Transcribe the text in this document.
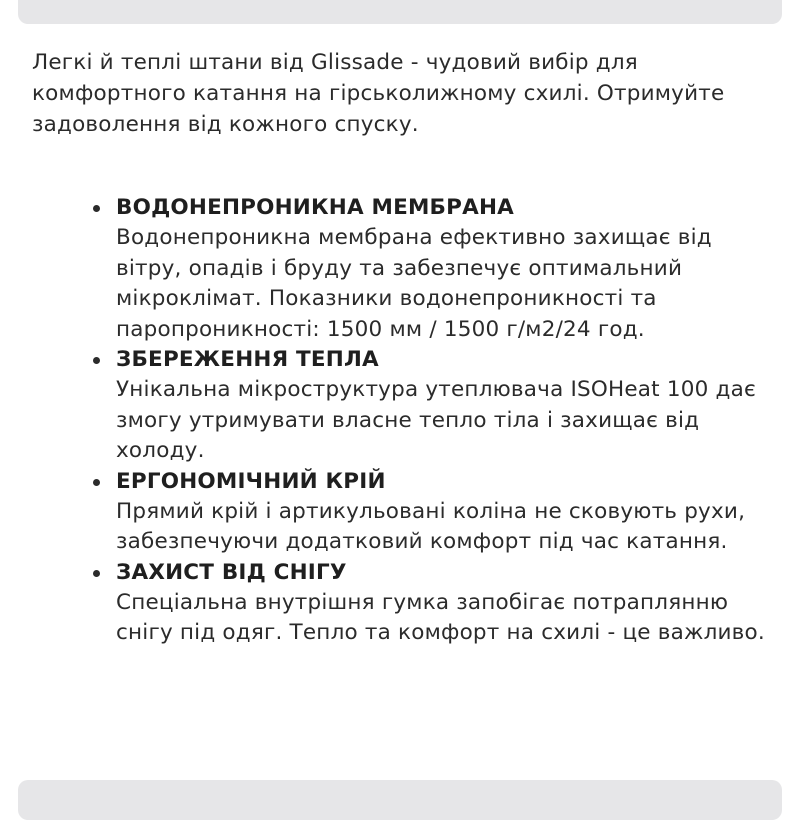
Легкі й теплі штани від Glissade - чудовий вибір для комфортного катання на гірськолижному схилі. Отримуйте задоволення від кожного спуску.

ВОДОНЕПРОНИКНА МЕМБРАНА
Водонепроникна мембрана ефективно захищає від вітру, опадів і бруду та забезпечує оптимальний мікроклімат. Показники водонепроникності та паропроникності: 1500 мм / 1500 г/м2/24 год.
ЗБЕРЕЖЕННЯ ТЕПЛА
Унікальна мікроструктура утеплювача ISOHeat 100 дає змогу утримувати власне тепло тіла і захищає від холоду.
ЕРГОНОМІЧНИЙ КРІЙ
Прямий крій і артикульовані коліна не сковують рухи, забезпечуючи додатковий комфорт під час катання.
ЗАХИСТ ВІД СНІГУ
Спеціальна внутрішня гумка запобігає потраплянню снігу під одяг. Тепло та комфорт на схилі - це важливо.
